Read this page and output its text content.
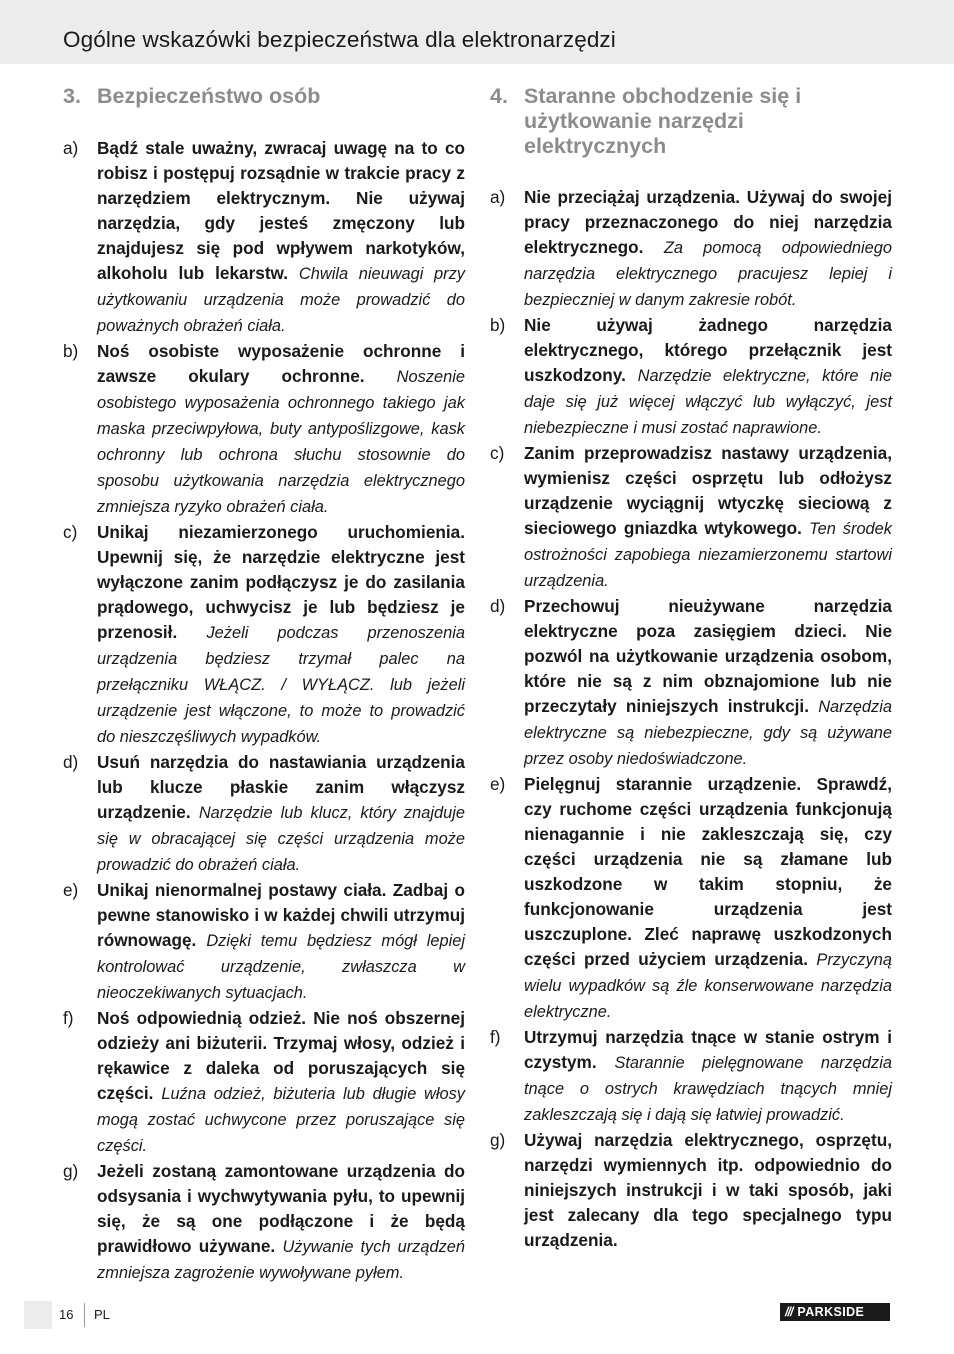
Ogólne wskazówki bezpieczeństwa dla elektronarzędzi
3. Bezpieczeństwo osób
a)	Bądź stale uważny, zwracaj uwagę na to co robisz i postępuj rozsądnie w trakcie pracy z narzędziem elektrycznym. Nie używaj narzędzia, gdy jesteś zmęczony lub znajdujesz się pod wpływem narkotyków, alkoholu lub lekarstw. Chwila nieuwagi przy użytkowaniu urządzenia może prowadzić do poważnych obrażeń ciała.
b)	Noś osobiste wyposażenie ochronne i zawsze okulary ochronne. Noszenie osobistego wyposażenia ochronnego takiego jak maska przeciwpyłowa, buty antypoślizgowe, kask ochronny lub ochrona słuchu stosownie do sposobu użytkowania narzędzia elektrycznego zmniejsza ryzyko obrażeń ciała.
c)	Unikaj niezamierzonego uruchomienia. Upewnij się, że narzędzie elektryczne jest wyłączone zanim podłączysz je do zasilania prądowego, uchwycisz je lub będziesz je przenosił. Jeżeli podczas przenoszenia urządzenia będziesz trzymał palec na przełączniku WŁĄCZ. / WYŁĄCZ. lub jeżeli urządzenie jest włączone, to może to prowadzić do nieszczęśliwych wypadków.
d)	Usuń narzędzia do nastawiania urządzenia lub klucze płaskie zanim włączysz urządzenie. Narzędzie lub klucz, który znajduje się w obracającej się części urządzenia może prowadzić do obrażeń ciała.
e)	Unikaj nienormalnej postawy ciała. Zadbaj o pewne stanowisko i w każdej chwili utrzymuj równowagę. Dzięki temu będziesz mógł lepiej kontrolować urządzenie, zwłaszcza w nieoczekiwanych sytuacjach.
f)	Noś odpowiednią odzież. Nie noś obszernej odzieży ani biżuterii. Trzymaj włosy, odzież i rękawice z daleka od poruszających się części. Luźna odzież, biżuteria lub długie włosy mogą zostać uchwycone przez poruszające się części.
g)	Jeżeli zostaną zamontowane urządzenia do odsysania i wychwytywania pyłu, to upewnij się, że są one podłączone i że będą prawidłowo używane. Używanie tych urządzeń zmniejsza zagrożenie wywoływane pyłem.
4. Staranne obchodzenie się i użytkowanie narzędzi elektrycznych
a)	Nie przeciążaj urządzenia. Używaj do swojej pracy przeznaczonego do niej narzędzia elektrycznego. Za pomocą odpowiedniego narzędzia elektrycznego pracujesz lepiej i bezpieczniej w danym zakresie robót.
b)	Nie używaj żadnego narzędzia elektrycznego, którego przełącznik jest uszkodzony. Narzędzie elektryczne, które nie daje się już więcej włączyć lub wyłączyć, jest niebezpieczne i musi zostać naprawione.
c)	Zanim przeprowadzisz nastawy urządzenia, wymienisz części osprzętu lub odłożysz urządzenie wyciągnij wtyczkę sieciową z sieciowego gniazdka wtykowego. Ten środek ostrożności zapobiega niezamierzonemu startowi urządzenia.
d)	Przechowuj nieużywane narzędzia elektryczne poza zasięgiem dzieci. Nie pozwól na użytkowanie urządzenia osobom, które nie są z nim obznajomione lub nie przeczytały niniejszych instrukcji. Narzędzia elektryczne są niebezpieczne, gdy są używane przez osoby niedoświadczone.
e)	Pielęgnuj starannie urządzenie. Sprawdź, czy ruchome części urządzenia funkcjonują nienagannie i nie zakleszczają się, czy części urządzenia nie są złamane lub uszkodzone w takim stopniu, że funkcjonowanie urządzenia jest uszczuplone. Zleć naprawę uszkodzonych części przed użyciem urządzenia. Przyczyną wielu wypadków są źle konserwowane narzędzia elektryczne.
f)	Utrzymuj narzędzia tnące w stanie ostrym i czystym. Starannie pielęgnowane narzędzia tnące o ostrych krawędziach tnących mniej zakleszczają się i dają się łatwiej prowadzić.
g)	Używaj narzędzia elektrycznego, osprzętu, narzędzi wymiennych itp. odpowiednio do niniejszych instrukcji i w taki sposób, jaki jest zalecany dla tego specjalnego typu urządzenia.
16 PL	/// PARKSIDE
